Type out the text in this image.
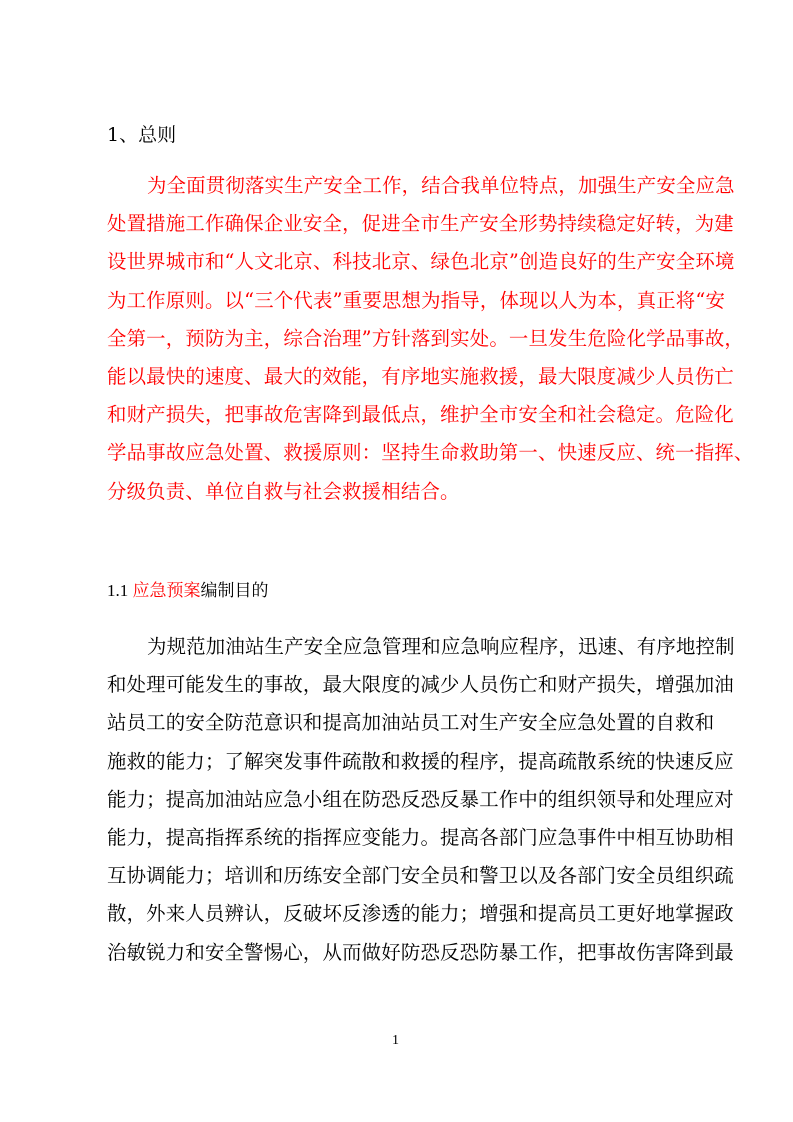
1、总则
为全面贯彻落实生产安全工作，结合我单位特点，加强生产安全应急
处置措施工作确保企业安全，促进全市生产安全形势持续稳定好转，为建
设世界城市和“人文北京、科技北京、绿色北京”创造良好的生产安全环境
为工作原则。以“三个代表”重要思想为指导，体现以人为本，真正将“安
全第一，预防为主，综合治理”方针落到实处。一旦发生危险化学品事故，
能以最快的速度、最大的效能，有序地实施救援，最大限度减少人员伤亡
和财产损失，把事故危害降到最低点，维护全市安全和社会稳定。危险化
学品事故应急处置、救援原则：坚持生命救助第一、快速反应、统一指挥、
分级负责、单位自救与社会救援相结合。
1.1 应急预案编制目的
为规范加油站生产安全应急管理和应急响应程序，迅速、有序地控制
和处理可能发生的事故，最大限度的减少人员伤亡和财产损失，增强加油
站员工的安全防范意识和提高加油站员工对生产安全应急处置的自救和
施救的能力；了解突发事件疏散和救援的程序，提高疏散系统的快速反应
能力；提高加油站应急小组在防恐反恐反暴工作中的组织领导和处理应对
能力，提高指挥系统的指挥应变能力。提高各部门应急事件中相互协助相
互协调能力；培训和历练安全部门安全员和警卫以及各部门安全员组织疏
散，外来人员辨认，反破坏反渗透的能力；增强和提高员工更好地掌握政
治敏锐力和安全警惕心，从而做好防恐反恐防暴工作，把事故伤害降到最
1
